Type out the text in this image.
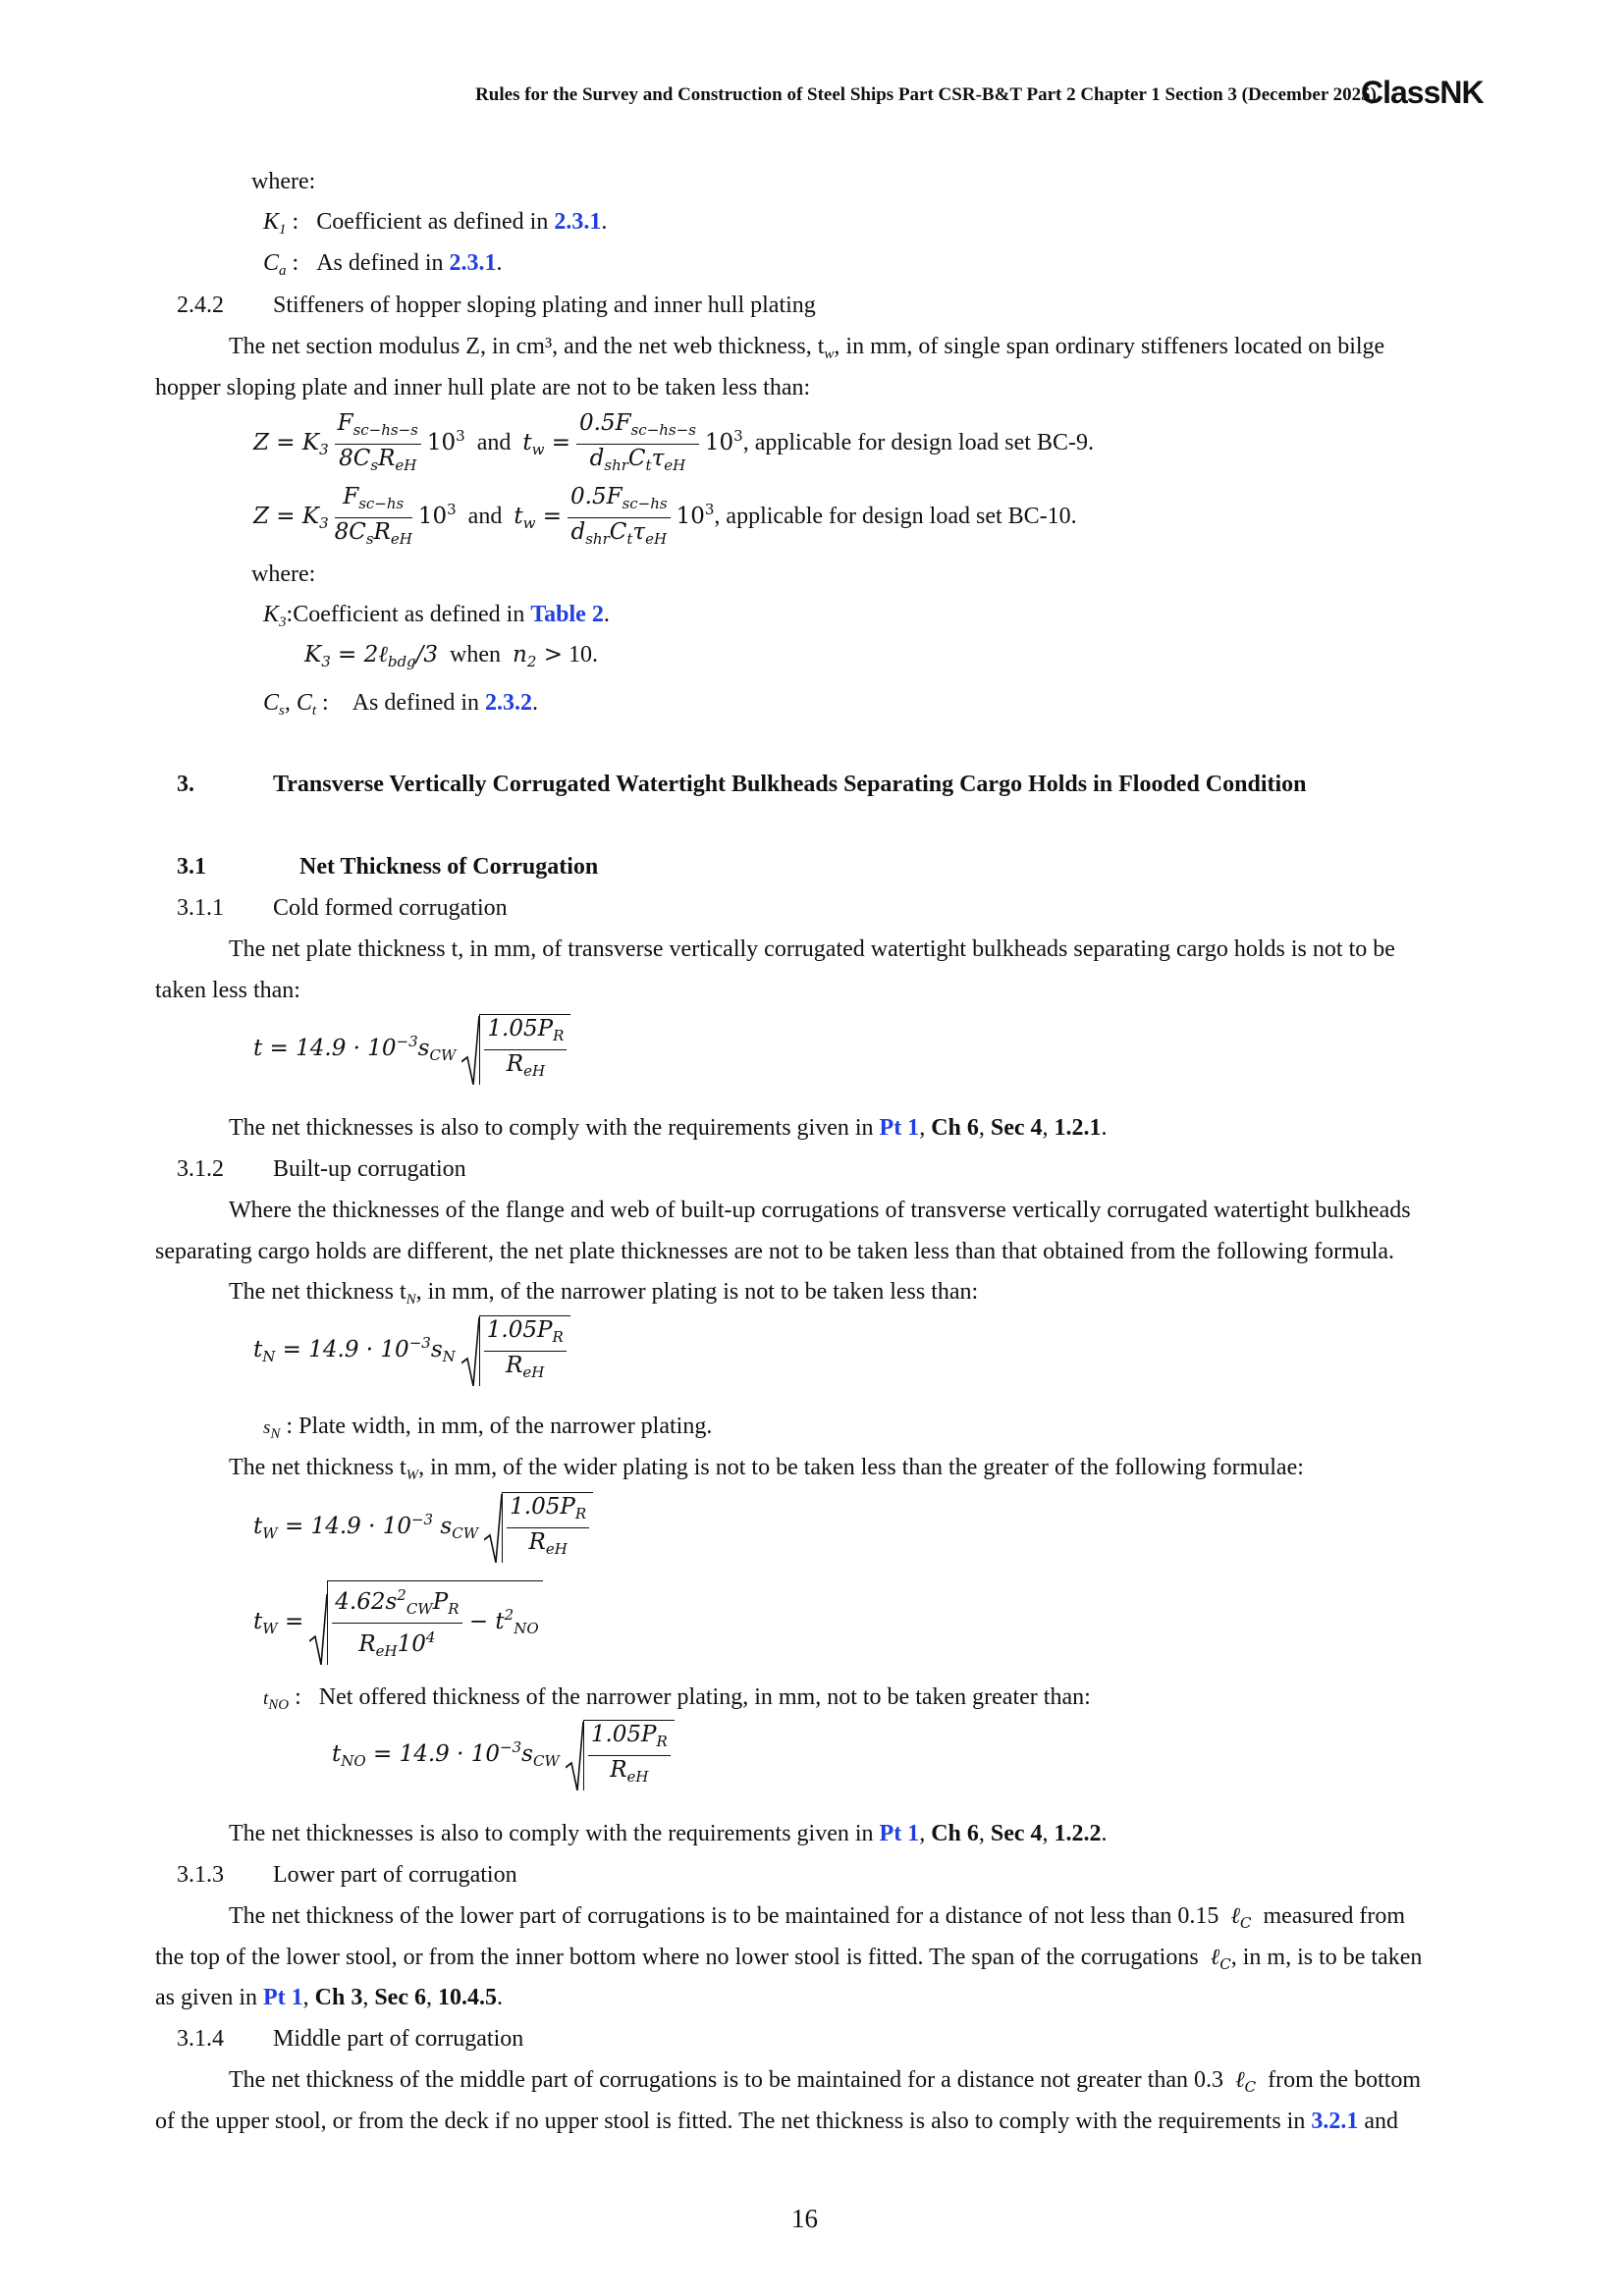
Rules for the Survey and Construction of Steel Ships Part CSR-B&T Part 2 Chapter 1 Section 3 (December 2025)
ClassNK
where:
$K_1$ :   Coefficient as defined in 2.3.1.
$C_a$ :   As defined in 2.3.1.
2.4.2 Stiffeners of hopper sloping plating and inner hull plating
The net section modulus Z, in cm³, and the net web thickness, $t_w$, in mm, of single span ordinary stiffeners located on bilge
hopper sloping plate and inner hull plate are not to be taken less than:
$Z = K_3 \frac{F_{sc-hs-s}}{8C_sR_{eH}} 10^3$  and  $t_w = \frac{0.5F_{sc-hs-s}}{d_{shr}C_t\tau_{eH}} 10^3$, applicable for design load set BC-9.
$Z = K_3 \frac{F_{sc-hs}}{8C_sR_{eH}} 10^3$  and  $t_w = \frac{0.5F_{sc-hs}}{d_{shr}C_t\tau_{eH}} 10^3$, applicable for design load set BC-10.
where:
$K_3:Coefficient$ as defined in Table 2.
$K_3$ = 2ℓ$_{bdg}$/3 when $n_2 > 10$.
$C_s$, $C_t$ :    As defined in 2.3.2.
3.	Transverse Vertically Corrugated Watertight Bulkheads Separating Cargo Holds in Flooded Condition
3.1	Net Thickness of Corrugation
3.1.1 Cold formed corrugation
The net plate thickness t, in mm, of transverse vertically corrugated watertight bulkheads separating cargo holds is not to be
taken less than:
$t = 14.9 \cdot 10^{-3}s_{CW} \frac{1.05P_R}{R_{eH}}$
The net thicknesses is also to comply with the requirements given in Pt 1, Ch 6, Sec 4, 1.2.1.
3.1.2 Built-up corrugation
Where the thicknesses of the flange and web of built-up corrugations of transverse vertically corrugated watertight bulkheads
separating cargo holds are different, the net plate thicknesses are not to be taken less than that obtained from the following formula.
The net thickness $t_N$, in mm, of the narrower plating is not to be taken less than:
$t_N = 14.9 \cdot 10^{-3}s_N \frac{1.05P_R}{R_{eH}}$
$s_N$ : Plate width, in mm, of the narrower plating.
The net thickness $t_W$, in mm, of the wider plating is not to be taken less than the greater of the following formulae:
$t_W = 14.9 \cdot 10^{-3}$ $s_{CW} \frac{1.05P_R}{R_{eH}}$
$t_W = \frac{4.62s^2_{CW}P_R}{R_{eH}10^4} - t^2_{NO}$
$t_{NO}$ :   Net offered thickness of the narrower plating, in mm, not to be taken greater than:
$t_{NO} = 14.9 \cdot 10^{-3}s_{CW} \frac{1.05P_R}{R_{eH}}$
The net thicknesses is also to comply with the requirements given in Pt 1, Ch 6, Sec 4, 1.2.2.
3.1.3 Lower part of corrugation
The net thickness of the lower part of corrugations is to be maintained for a distance of not less than 0.15 ℓ$_C$ measured from
the top of the lower stool, or from the inner bottom where no lower stool is fitted. The span of the corrugations ℓ$_C$, in m, is to be taken
as given in Pt 1, Ch 3, Sec 6, 10.4.5.
3.1.4 Middle part of corrugation
The net thickness of the middle part of corrugations is to be maintained for a distance not greater than 0.3 ℓ$_C$ from the bottom
of the upper stool, or from the deck if no upper stool is fitted. The net thickness is also to comply with the requirements in 3.2.1 and
16
